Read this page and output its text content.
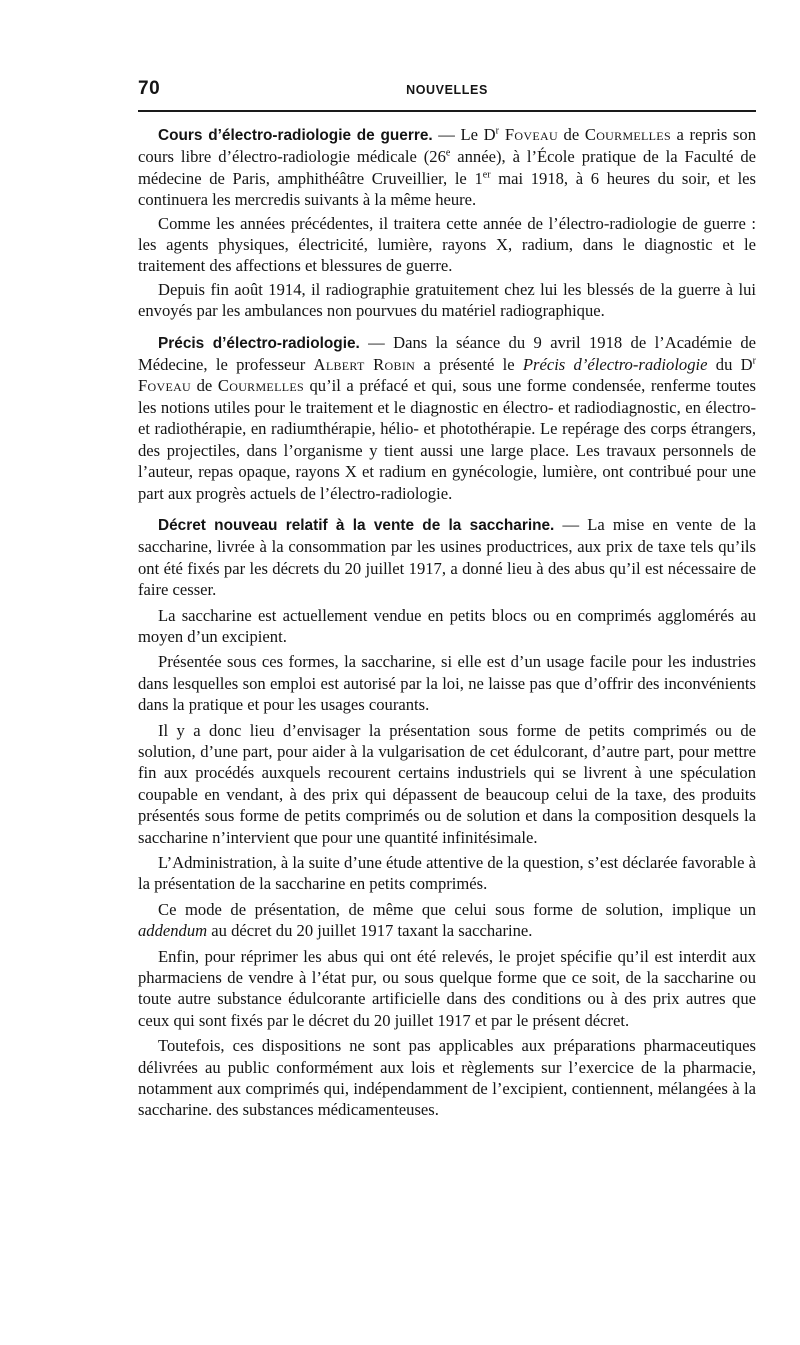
70	NOUVELLES

Cours d’électro-radiologie de guerre. — Le $D^r$ Foveau de Courmelles a repris son cours libre d’électro-radiologie médicale (26e année), à l’École pratique de la Faculté de médecine de Paris, amphithéâtre Cruveillier, le 1er mai 1918, à 6 heures du soir, et les continuera les mercredis suivants à la même heure.

Comme les années précédentes, il traitera cette année de l’électro-radiologie de guerre : les agents physiques, électricité, lumière, rayons X, radium, dans le diagnostic et le traitement des affections et blessures de guerre.

Depuis fin août 1914, il radiographie gratuitement chez lui les blessés de la guerre à lui envoyés par les ambulances non pourvues du matériel radiographique.

Précis d’électro-radiologie. — Dans la séance du 9 avril 1918 de l’Académie de Médecine, le professeur Albert Robin a présenté le Précis d’électro-radiologie du $D^r$ Foveau de Courmelles qu’il a préfacé et qui, sous une forme condensée, renferme toutes les notions utiles pour le traitement et le diagnostic en électro- et radiodiagnostic, en électro- et radiothérapie, en radiumthérapie, hélio- et photothérapie. Le repérage des corps étrangers, des projectiles, dans l’organisme y tient aussi une large place. Les travaux personnels de l’auteur, repas opaque, rayons X et radium en gynécologie, lumière, ont contribué pour une part aux progrès actuels de l’électro-radiologie.

Décret nouveau relatif à la vente de la saccharine. — La mise en vente de la saccharine, livrée à la consommation par les usines productrices, aux prix de taxe tels qu’ils ont été fixés par les décrets du 20 juillet 1917, a donné lieu à des abus qu’il est nécessaire de faire cesser.

La saccharine est actuellement vendue en petits blocs ou en comprimés agglomérés au moyen d’un excipient.

Présentée sous ces formes, la saccharine, si elle est d’un usage facile pour les industries dans lesquelles son emploi est autorisé par la loi, ne laisse pas que d’offrir des inconvénients dans la pratique et pour les usages courants.

Il y a donc lieu d’envisager la présentation sous forme de petits comprimés ou de solution, d’une part, pour aider à la vulgarisation de cet édulcorant, d’autre part, pour mettre fin aux procédés auxquels recourent certains industriels qui se livrent à une spéculation coupable en vendant, à des prix qui dépassent de beaucoup celui de la taxe, des produits présentés sous forme de petits comprimés ou de solution et dans la composition desquels la saccharine n’intervient que pour une quantité infinitésimale.

L’Administration, à la suite d’une étude attentive de la question, s’est déclarée favorable à la présentation de la saccharine en petits comprimés.

Ce mode de présentation, de même que celui sous forme de solution, implique un addendum au décret du 20 juillet 1917 taxant la saccharine.

Enfin, pour réprimer les abus qui ont été relevés, le projet spécifie qu’il est interdit aux pharmaciens de vendre à l’état pur, ou sous quelque forme que ce soit, de la saccharine ou toute autre substance édulcorante artificielle dans des conditions ou à des prix autres que ceux qui sont fixés par le décret du 20 juillet 1917 et par le présent décret.

Toutefois, ces dispositions ne sont pas applicables aux préparations pharmaceutiques délivrées au public conformément aux lois et règlements sur l’exercice de la pharmacie, notamment aux comprimés qui, indépendamment de l’excipient, contiennent, mélangées à la saccharine. des substances médicamenteuses.
